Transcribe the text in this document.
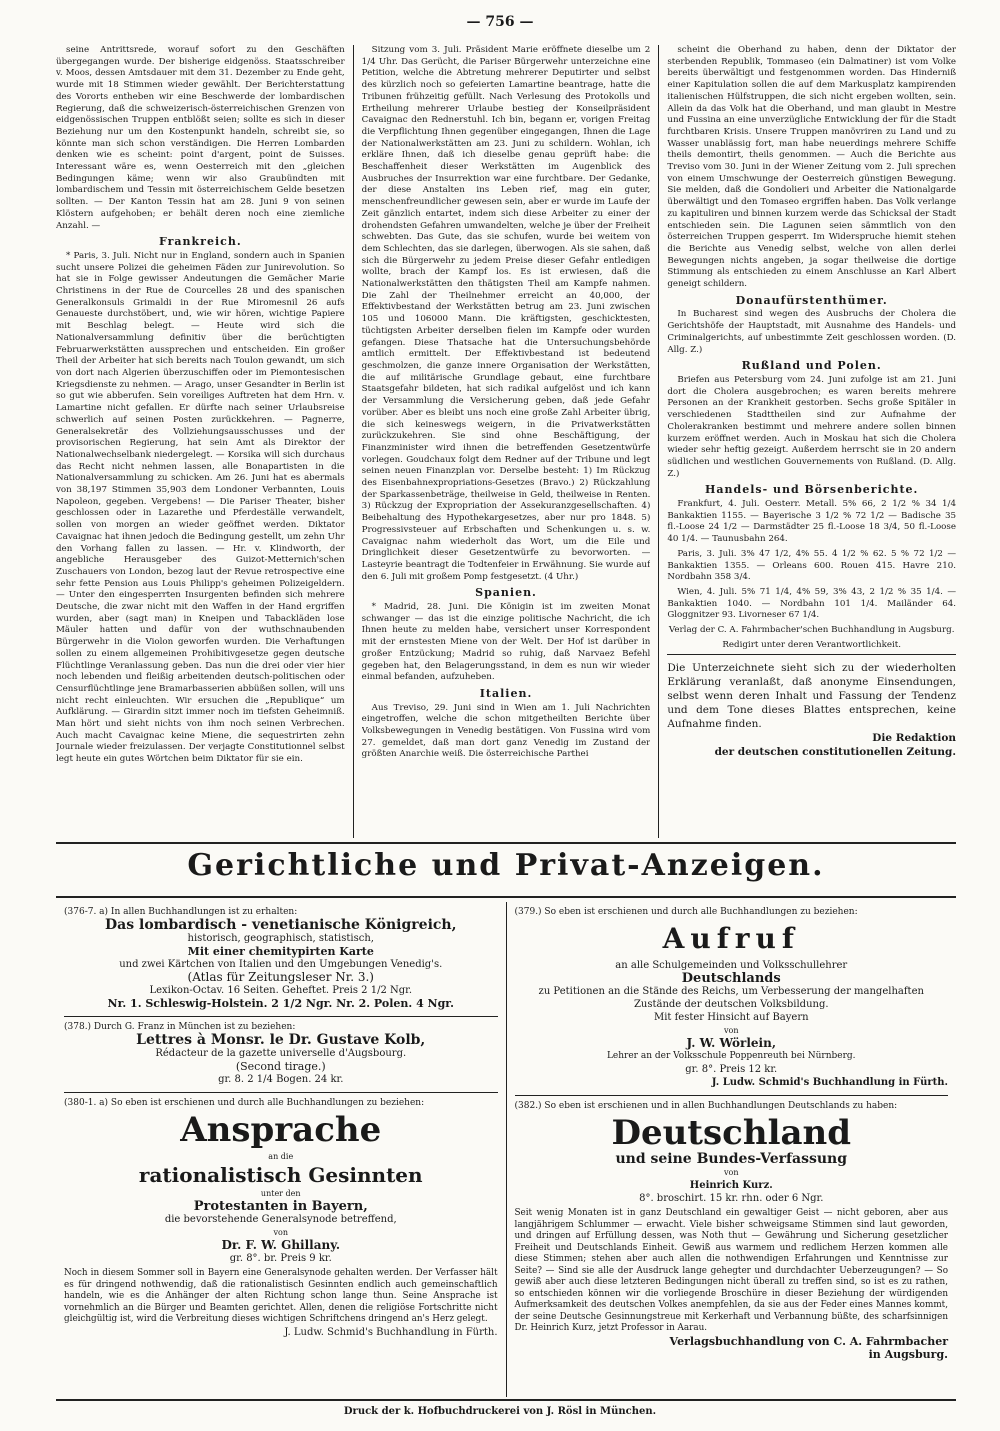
— 756 —

seine Antrittsrede, worauf sofort zu den Geschäften übergegangen wurde. Der bisherige eidgenöss. Staatsschreiber v. Moos, dessen Amtsdauer mit dem 31. Dezember zu Ende geht, wurde mit 18 Stimmen wieder gewählt. Der Berichterstattung des Vororts entheben wir eine Beschwerde der lombardischen Regierung, daß die schweizerisch-österreichischen Grenzen von eidgenössischen Truppen entblößt seien; sollte es sich in dieser Beziehung nur um den Kostenpunkt handeln, schreibt sie, so könnte man sich schon verständigen. Die Herren Lombarden denken wie es scheint: point d'argent, point de Suisses. Interessant wäre es, wenn Oesterreich mit den „gleichen Bedingungen käme; wenn wir also Graubündten mit lombardischem und Tessin mit österreichischem Gelde besetzen sollten. — Der Kanton Tessin hat am 28. Juni 9 von seinen Klöstern aufgehoben; er behält deren noch eine ziemliche Anzahl. —

Frankreich.

* Paris, 3. Juli. Nicht nur in England, sondern auch in Spanien sucht unsere Polizei die geheimen Fäden zur Junirevolution. So hat sie in Folge gewisser Andeutungen die Gemächer Marie Christinens in der Rue de Courcelles 28 und des spanischen Generalkonsuls Grimaldi in der Rue Miromesnil 26 aufs Genaueste durchstöbert, und, wie wir hören, wichtige Papiere mit Beschlag belegt. — Heute wird sich die Nationalversammlung definitiv über die berüchtigten Februarwerkstätten aussprechen und entscheiden. Ein großer Theil der Arbeiter hat sich bereits nach Toulon gewandt, um sich von dort nach Algerien überzuschiffen oder im Piemontesischen Kriegsdienste zu nehmen. — Arago, unser Gesandter in Berlin ist so gut wie abberufen. Sein voreiliges Auftreten hat dem Hrn. v. Lamartine nicht gefallen. Er dürfte nach seiner Urlaubsreise schwerlich auf seinen Posten zurückkehren. — Pagnerre, Generalsekretär des Vollziehungsausschusses und der provisorischen Regierung, hat sein Amt als Direktor der Nationalwechselbank niedergelegt. — Korsika will sich durchaus das Recht nicht nehmen lassen, alle Bonapartisten in die Nationalversammlung zu schicken. Am 26. Juni hat es abermals von 38,197 Stimmen 35,903 dem Londoner Verbannten, Louis Napoleon, gegeben. Vergebens! — Die Pariser Theater, bisher geschlossen oder in Lazarethe und Pferdeställe verwandelt, sollen von morgen an wieder geöffnet werden. Diktator Cavaignac hat ihnen jedoch die Bedingung gestellt, um zehn Uhr den Vorhang fallen zu lassen. — Hr. v. Klindworth, der angebliche Herausgeber des Guizot-Metternich'schen Zuschauers von London, bezog laut der Revue retrospective eine sehr fette Pension aus Louis Philipp's geheimen Polizeigeldern. — Unter den eingesperrten Insurgenten befinden sich mehrere Deutsche, die zwar nicht mit den Waffen in der Hand ergriffen wurden, aber (sagt man) in Kneipen und Tabackläden lose Mäuler hatten und dafür von der wuthschnaubenden Bürgerwehr in die Violon geworfen wurden. Die Verhaftungen sollen zu einem allgemeinen Prohibitivgesetze gegen deutsche Flüchtlinge Veranlassung geben. Das nun die drei oder vier hier noch lebenden und fleißig arbeitenden deutsch-politischen oder Censurflüchtlinge jene Bramarbasserien abbüßen sollen, will uns nicht recht einleuchten. Wir ersuchen die „Republique“ um Aufklärung. — Girardin sitzt immer noch im tiefsten Geheimniß. Man hört und sieht nichts von ihm noch seinen Verbrechen. Auch macht Cavaignac keine Miene, die sequestrirten zehn Journale wieder freizulassen. Der verjagte Constitutionnel selbst legt heute ein gutes Wörtchen beim Diktator für sie ein.

Sitzung vom 3. Juli. Präsident Marie eröffnete dieselbe um 2 1/4 Uhr. Das Gerücht, die Pariser Bürgerwehr unterzeichne eine Petition, welche die Abtretung mehrerer Deputirter und selbst des kürzlich noch so gefeierten Lamartine beantrage, hatte die Tribunen frühzeitig gefüllt. Nach Verlesung des Protokolls und Ertheilung mehrerer Urlaube bestieg der Konseilpräsident Cavaignac den Rednerstuhl. Ich bin, begann er, vorigen Freitag die Verpflichtung Ihnen gegenüber eingegangen, Ihnen die Lage der Nationalwerkstätten am 23. Juni zu schildern. Wohlan, ich erkläre Ihnen, daß ich dieselbe genau geprüft habe: die Beschaffenheit dieser Werkstätten im Augenblick des Ausbruches der Insurrektion war eine furchtbare. Der Gedanke, der diese Anstalten ins Leben rief, mag ein guter, menschenfreundlicher gewesen sein, aber er wurde im Laufe der Zeit gänzlich entartet, indem sich diese Arbeiter zu einer der drohendsten Gefahren umwandelten, welche je über der Freiheit schwebten. Das Gute, das sie schufen, wurde bei weitem von dem Schlechten, das sie darlegen, überwogen. Als sie sahen, daß sich die Bürgerwehr zu jedem Preise dieser Gefahr entledigen wollte, brach der Kampf los. Es ist erwiesen, daß die Nationalwerkstätten den thätigsten Theil am Kampfe nahmen. Die Zahl der Theilnehmer erreicht an 40,000, der Effektivbestand der Werkstätten betrug am 23. Juni zwischen 105 und 106000 Mann. Die kräftigsten, geschicktesten, tüchtigsten Arbeiter derselben fielen im Kampfe oder wurden gefangen. Diese Thatsache hat die Untersuchungsbehörde amtlich ermittelt. Der Effektivbestand ist bedeutend geschmolzen, die ganze innere Organisation der Werkstätten, die auf militärische Grundlage gebaut, eine furchtbare Staatsgefahr bildeten, hat sich radikal aufgelöst und ich kann der Versammlung die Versicherung geben, daß jede Gefahr vorüber. Aber es bleibt uns noch eine große Zahl Arbeiter übrig, die sich keineswegs weigern, in die Privatwerkstätten zurückzukehren. Sie sind ohne Beschäftigung, der Finanzminister wird ihnen die betreffenden Gesetzentwürfe vorlegen. Goudchaux folgt dem Redner auf der Tribune und legt seinen neuen Finanzplan vor. Derselbe besteht: 1) Im Rückzug des Eisenbahnexpropriations-Gesetzes (Bravo.) 2) Rückzahlung der Sparkassenbeträge, theilweise in Geld, theilweise in Renten. 3) Rückzug der Expropriation der Assekuranzgesellschaften. 4) Beibehaltung des Hypothekargesetzes, aber nur pro 1848. 5) Progressivsteuer auf Erbschaften und Schenkungen u. s. w. Cavaignac nahm wiederholt das Wort, um die Eile und Dringlichkeit dieser Gesetzentwürfe zu bevorworten. — Lasteyrie beantragt die Todtenfeier in Erwähnung. Sie wurde auf den 6. Juli mit großem Pomp festgesetzt. (4 Uhr.)

Spanien.

* Madrid, 28. Juni. Die Königin ist im zweiten Monat schwanger — das ist die einzige politische Nachricht, die ich Ihnen heute zu melden habe, versichert unser Korrespondent mit der ernstesten Miene von der Welt. Der Hof ist darüber in großer Entzückung; Madrid so ruhig, daß Narvaez Befehl gegeben hat, den Belagerungsstand, in dem es nun wir wieder einmal befanden, aufzuheben.

Italien.

Aus Treviso, 29. Juni sind in Wien am 1. Juli Nachrichten eingetroffen, welche die schon mitgetheilten Berichte über Volksbewegungen in Venedig bestätigen. Von Fussina wird vom 27. gemeldet, daß man dort ganz Venedig im Zustand der größten Anarchie weiß. Die österreichische Parthei

scheint die Oberhand zu haben, denn der Diktator der sterbenden Republik, Tommaseo (ein Dalmatiner) ist vom Volke bereits überwältigt und festgenommen worden. Das Hinderniß einer Kapitulation sollen die auf dem Markusplatz kampirenden italienischen Hülfstruppen, die sich nicht ergeben wollten, sein. Allein da das Volk hat die Oberhand, und man glaubt in Mestre und Fussina an eine unverzügliche Entwicklung der für die Stadt furchtbaren Krisis. Unsere Truppen manövriren zu Land und zu Wasser unablässig fort, man habe neuerdings mehrere Schiffe theils demontirt, theils genommen. — Auch die Berichte aus Treviso vom 30. Juni in der Wiener Zeitung vom 2. Juli sprechen von einem Umschwunge der Oesterreich günstigen Bewegung. Sie melden, daß die Gondolieri und Arbeiter die Nationalgarde überwältigt und den Tomaseo ergriffen haben. Das Volk verlange zu kapituliren und binnen kurzem werde das Schicksal der Stadt entschieden sein. Die Lagunen seien sämmtlich von den österreichen Truppen gesperrt. Im Widerspruche hiemit stehen die Berichte aus Venedig selbst, welche von allen derlei Bewegungen nichts angeben, ja sogar theilweise die dortige Stimmung als entschieden zu einem Anschlusse an Karl Albert geneigt schildern.

Donaufürstenthümer.

In Bucharest sind wegen des Ausbruchs der Cholera die Gerichtshöfe der Hauptstadt, mit Ausnahme des Handels- und Criminalgerichts, auf unbestimmte Zeit geschlossen worden. (D. Allg. Z.)

Rußland und Polen.

Briefen aus Petersburg vom 24. Juni zufolge ist am 21. Juni dort die Cholera ausgebrochen; es waren bereits mehrere Personen an der Krankheit gestorben. Sechs große Spitäler in verschiedenen Stadttheilen sind zur Aufnahme der Cholerakranken bestimmt und mehrere andere sollen binnen kurzem eröffnet werden. Auch in Moskau hat sich die Cholera wieder sehr heftig gezeigt. Außerdem herrscht sie in 20 andern südlichen und westlichen Gouvernements von Rußland. (D. Allg. Z.)

Handels- und Börsenberichte.

Frankfurt, 4. Juli. Oesterr. Metall. 5% 66, 2 1/2 % 34 1/4 Bankaktien 1155. — Bayerische 3 1/2 % 72 1/2 — Badische 35 fl.-Loose 24 1/2 — Darmstädter 25 fl.-Loose 18 3/4, 50 fl.-Loose 40 1/4. — Taunusbahn 264.

Paris, 3. Juli. 3% 47 1/2, 4% 55. 4 1/2 % 62. 5 % 72 1/2 — Bankaktien 1355. — Orleans 600. Rouen 415. Havre 210. Nordbahn 358 3/4.

Wien, 4. Juli. 5% 71 1/4, 4% 59, 3% 43, 2 1/2 % 35 1/4. — Bankaktien 1040. — Nordbahn 101 1/4. Mailänder 64. Gloggnitzer 93. Livorneser 67 1/4.

Verlag der C. A. Fahrmbacher'schen Buchhandlung in Augsburg.

Redigirt unter deren Verantwortlichkeit.

Die Unterzeichnete sieht sich zu der wiederholten Erklärung veranlaßt, daß anonyme Einsendungen, selbst wenn deren Inhalt und Fassung der Tendenz und dem Tone dieses Blattes entsprechen, keine Aufnahme finden.
Die Redaktion
der deutschen constitutionellen Zeitung.
Gerichtliche und Privat-Anzeigen.
(376-7. a) In allen Buchhandlungen ist zu erhalten:
Das lombardisch - venetianische Königreich,
historisch, geographisch, statistisch,
Mit einer chemitypirten Karte
und zwei Kärtchen von Italien und den Umgebungen Venedig's.
(Atlas für Zeitungsleser Nr. 3.)
Lexikon-Octav. 16 Seiten. Geheftet. Preis 2 1/2 Ngr.
Nr. 1. Schleswig-Holstein. 2 1/2 Ngr. Nr. 2. Polen. 4 Ngr.
(378.) Durch G. Franz in München ist zu beziehen:
Lettres à Monsr. le Dr. Gustave Kolb,
Rédacteur de la gazette universelle d'Augsbourg.
(Second tirage.)
gr. 8. 2 1/4 Bogen. 24 kr.
(380-1. a) So eben ist erschienen und durch alle Buchhandlungen zu beziehen:
Ansprache
an die
rationalistisch Gesinnten
unter den
Protestanten in Bayern,
die bevorstehende Generalsynode betreffend,
von
Dr. F. W. Ghillany.
gr. 8°. br. Preis 9 kr.
Noch in diesem Sommer soll in Bayern eine Generalsynode gehalten werden. Der Verfasser hält es für dringend nothwendig, daß die rationalistisch Gesinnten endlich auch gemeinschaftlich handeln, wie es die Anhänger der alten Richtung schon lange thun. Seine Ansprache ist vornehmlich an die Bürger und Beamten gerichtet. Allen, denen die religiöse Fortschritte nicht gleichgültig ist, wird die Verbreitung dieses wichtigen Schriftchens dringend an's Herz gelegt.
J. Ludw. Schmid's Buchhandlung in Fürth.
(379.) So eben ist erschienen und durch alle Buchhandlungen zu beziehen:
Aufruf
an alle Schulgemeinden und Volksschullehrer
Deutschlands
zu Petitionen an die Stände des Reichs, um Verbesserung der mangelhaften Zustände der deutschen Volksbildung.
Mit fester Hinsicht auf Bayern
von
J. W. Wörlein,
Lehrer an der Volksschule Poppenreuth bei Nürnberg.
gr. 8°. Preis 12 kr.
J. Ludw. Schmid's Buchhandlung in Fürth.
(382.) So eben ist erschienen und in allen Buchhandlungen Deutschlands zu haben:
Deutschland
und seine Bundes-Verfassung
von
Heinrich Kurz.
8°. broschirt. 15 kr. rhn. oder 6 Ngr.
Seit wenig Monaten ist in ganz Deutschland ein gewaltiger Geist — nicht geboren, aber aus langjährigem Schlummer — erwacht. Viele bisher schweigsame Stimmen sind laut geworden, und dringen auf Erfüllung dessen, was Noth thut — Gewährung und Sicherung gesetzlicher Freiheit und Deutschlands Einheit. Gewiß aus warmem und redlichem Herzen kommen alle diese Stimmen; stehen aber auch allen die nothwendigen Erfahrungen und Kenntnisse zur Seite? — Sind sie alle der Ausdruck lange gehegter und durchdachter Ueberzeugungen? — So gewiß aber auch diese letzteren Bedingungen nicht überall zu treffen sind, so ist es zu rathen, so entschieden können wir die vorliegende Broschüre in dieser Beziehung der würdigenden Aufmerksamkeit des deutschen Volkes anempfehlen, da sie aus der Feder eines Mannes kommt, der seine Deutsche Gesinnungstreue mit Kerkerhaft und Verbannung büßte, des scharfsinnigen Dr. Heinrich Kurz, jetzt Professor in Aarau.
Verlagsbuchhandlung von C. A. Fahrmbacher
in Augsburg.
Druck der k. Hofbuchdruckerei von J. Rösl in München.
